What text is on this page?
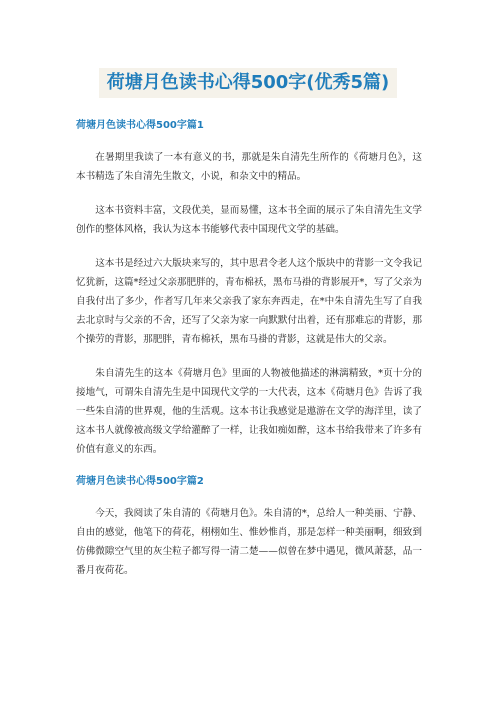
荷塘月色读书心得500字(优秀5篇)
荷塘月色读书心得500字篇1

在暑期里我读了一本有意义的书，那就是朱自清先生所作的《荷塘月色》，这本书精选了朱自清先生散文，小说，和杂文中的精品。

这本书资料丰富，文段优美，显而易懂，这本书全面的展示了朱自清先生文学创作的整体风格，我认为这本书能够代表中国现代文学的基础。

这本书是经过六大版块来写的，其中思君令老人这个版块中的背影一文令我记忆犹新，这篇*经过父亲那肥胖的，青布棉袄，黑布马褂的背影展开*，写了父亲为自我付出了多少，作者写几年来父亲我了家东奔西走，在*中朱自清先生写了自我去北京时与父亲的不舍，还写了父亲为家一向默默付出着，还有那难忘的背影，那个操劳的背影，那肥胖，青布棉袄，黑布马褂的背影，这就是伟大的父亲。

朱自清先生的这本《荷塘月色》里面的人物被他描述的淋漓精致，*页十分的接地气，可谓朱自清先生是中国现代文学的一大代表，这本《荷塘月色》告诉了我一些朱自清的世界观，他的生活观。这本书让我感觉是遨游在文学的海洋里，读了这本书人就像被高级文学给灌醉了一样，让我如痴如醉，这本书给我带来了许多有价值有意义的东西。

荷塘月色读书心得500字篇2

今天，我阅读了朱自清的《荷塘月色》。朱自清的*，总给人一种美丽、宁静、自由的感觉，他笔下的荷花，栩栩如生、惟妙惟肖，那是怎样一种美丽啊，细致到仿佛微隙空气里的灰尘粒子都写得一清二楚——似曾在梦中遇见，微风萧瑟，品一番月夜荷花。
